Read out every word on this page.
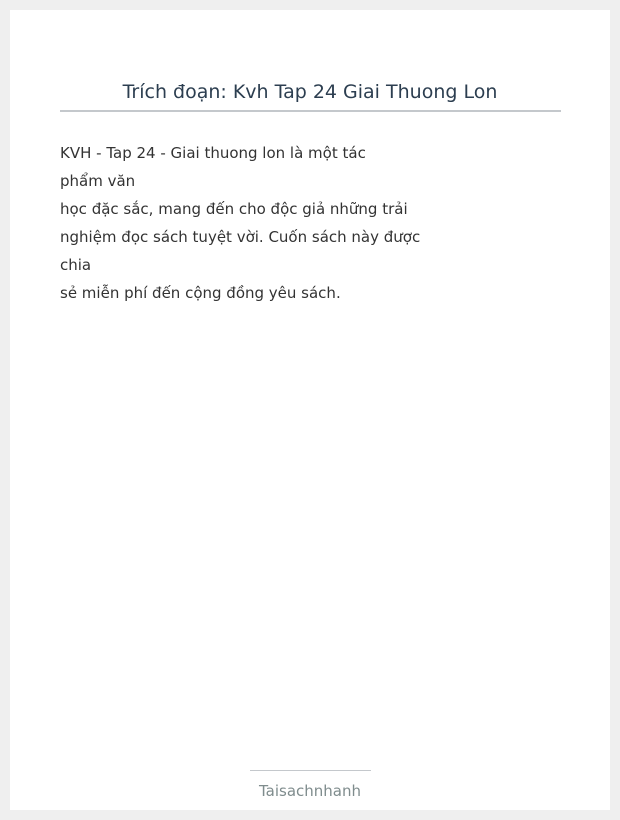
Trích đoạn: Kvh Tap 24 Giai Thuong Lon
KVH - Tap 24 - Giai thuong lon là một tác
phẩm văn
học đặc sắc, mang đến cho độc giả những trải
nghiệm đọc sách tuyệt vời. Cuốn sách này được
chia
sẻ miễn phí đến cộng đồng yêu sách.
Taisachnhanh
